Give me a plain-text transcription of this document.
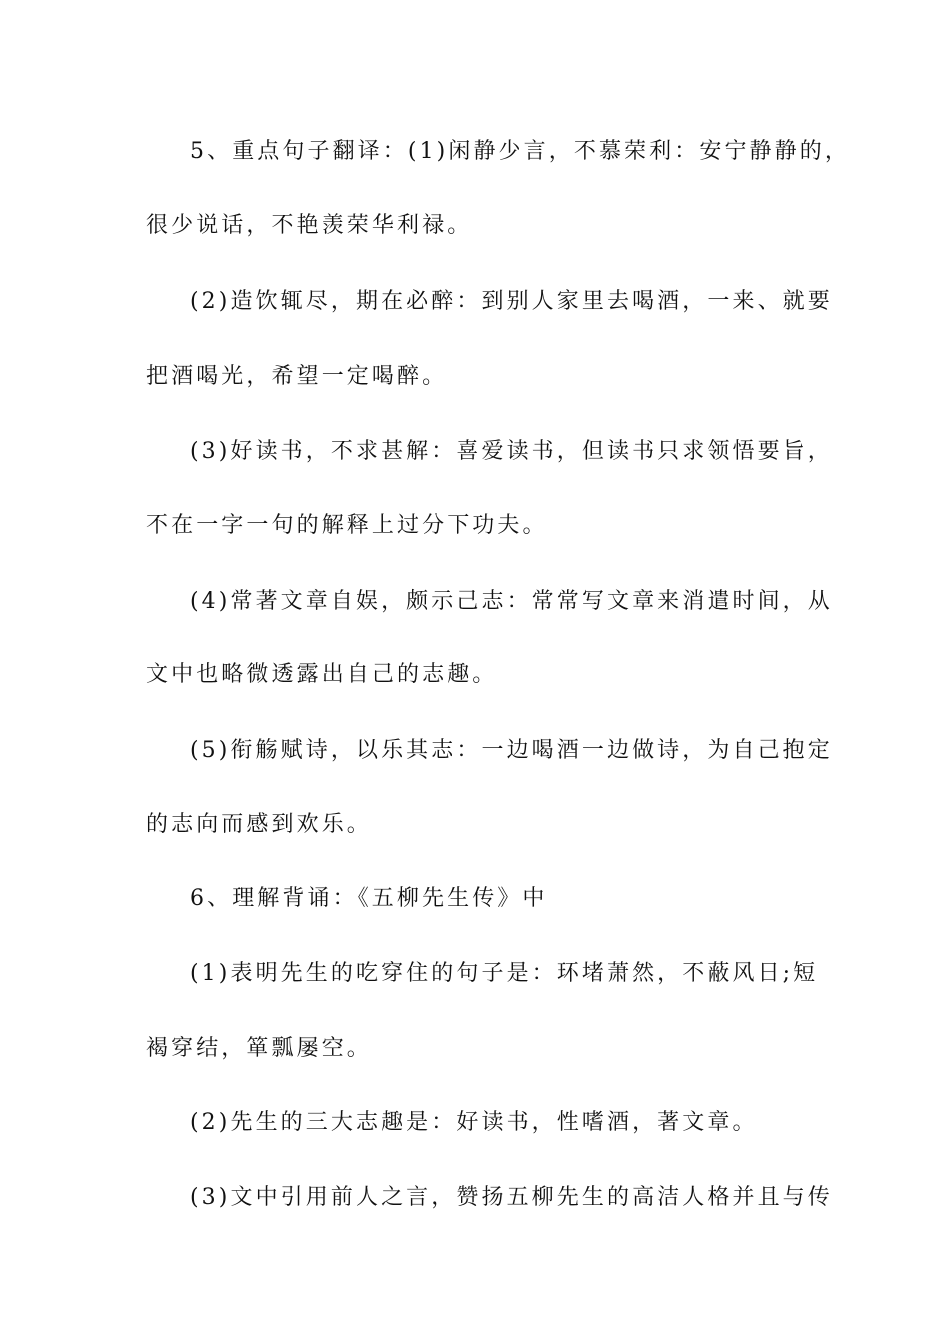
5、重点句子翻译：(1)闲静少言，不慕荣利：安宁静静的，
很少说话，不艳羡荣华利禄。
(2)造饮辄尽，期在必醉：到别人家里去喝酒，一来、就要
把酒喝光，希望一定喝醉。
(3)好读书，不求甚解：喜爱读书，但读书只求领悟要旨，
不在一字一句的解释上过分下功夫。
(4)常著文章自娱，颇示己志：常常写文章来消遣时间，从
文中也略微透露出自己的志趣。
(5)衔觞赋诗，以乐其志：一边喝酒一边做诗，为自己抱定
的志向而感到欢乐。
6、理解背诵：《五柳先生传》中
(1)表明先生的吃穿住的句子是：环堵萧然，不蔽风日;短
褐穿结，箪瓢屡空。
(2)先生的三大志趣是：好读书，性嗜酒，著文章。
(3)文中引用前人之言，赞扬五柳先生的高洁人格并且与传
